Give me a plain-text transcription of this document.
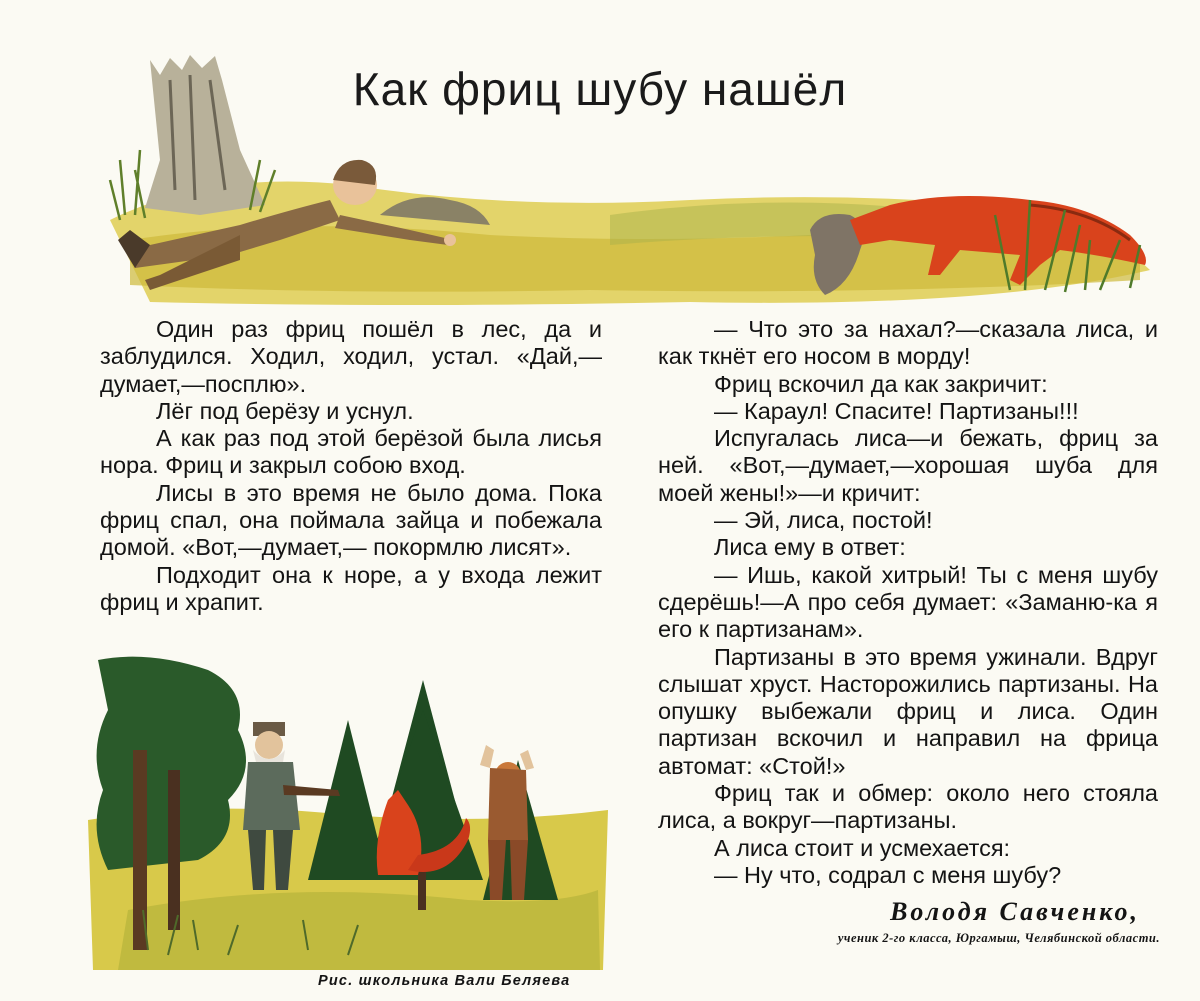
Как фриц шубу нашёл

Один раз фриц пошёл в лес, да и заблудился. Ходил, ходил, устал. «Дай,— думает,—посплю».

Лёг под берёзу и уснул.

А как раз под этой берёзой была лисья нора. Фриц и закрыл собою вход.

Лисы в это время не было дома. Пока фриц спал, она поймала зайца и побежала домой. «Вот,—думает,— покормлю лисят».

Подходит она к норе, а у входа лежит фриц и храпит.

— Что это за нахал?—сказала лиса, и как ткнёт его носом в морду!

Фриц вскочил да как закричит:

— Караул! Спасите! Партизаны!!!

Испугалась лиса—и бежать, фриц за ней. «Вот,—думает,—хорошая шуба для моей жены!»—и кричит:

— Эй, лиса, постой!

Лиса ему в ответ:

— Ишь, какой хитрый! Ты с меня шубу сдерёшь!—А про себя думает: «Заманю-ка я его к партизанам».

Партизаны в это время ужинали. Вдруг слышат хруст. Насторожились партизаны. На опушку выбежали фриц и лиса. Один партизан вскочил и направил на фрица автомат: «Стой!»

Фриц так и обмер: около него стояла лиса, а вокруг—партизаны.

А лиса стоит и усмехается:

— Ну что, содрал с меня шубу?

Володя Савченко,
ученик 2-го класса, Юргамыш, Челябинской области.
Рис. школьника Вали Беляева
